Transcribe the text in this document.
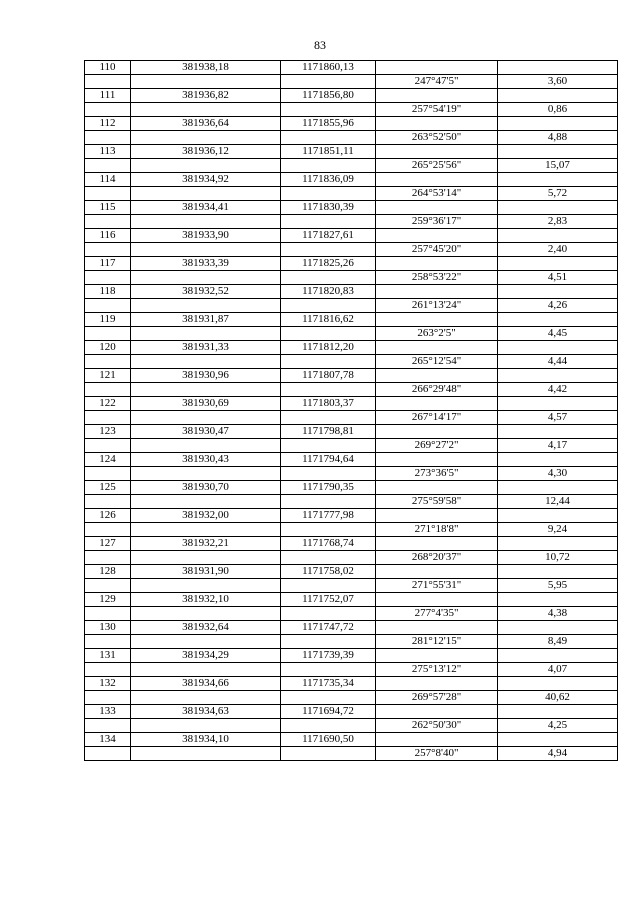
83
110	381938,18	1171860,13		
			247°47'5"	3,60
111	381936,82	1171856,80		
			257°54'19"	0,86
112	381936,64	1171855,96		
			263°52'50"	4,88
113	381936,12	1171851,11		
			265°25'56"	15,07
114	381934,92	1171836,09		
			264°53'14"	5,72
115	381934,41	1171830,39		
			259°36'17"	2,83
116	381933,90	1171827,61		
			257°45'20"	2,40
117	381933,39	1171825,26		
			258°53'22"	4,51
118	381932,52	1171820,83		
			261°13'24"	4,26
119	381931,87	1171816,62		
			263°2'5"	4,45
120	381931,33	1171812,20		
			265°12'54"	4,44
121	381930,96	1171807,78		
			266°29'48"	4,42
122	381930,69	1171803,37		
			267°14'17"	4,57
123	381930,47	1171798,81		
			269°27'2"	4,17
124	381930,43	1171794,64		
			273°36'5"	4,30
125	381930,70	1171790,35		
			275°59'58"	12,44
126	381932,00	1171777,98		
			271°18'8"	9,24
127	381932,21	1171768,74		
			268°20'37"	10,72
128	381931,90	1171758,02		
			271°55'31"	5,95
129	381932,10	1171752,07		
			277°4'35"	4,38
130	381932,64	1171747,72		
			281°12'15"	8,49
131	381934,29	1171739,39		
			275°13'12"	4,07
132	381934,66	1171735,34		
			269°57'28"	40,62
133	381934,63	1171694,72		
			262°50'30"	4,25
134	381934,10	1171690,50		
			257°8'40"	4,94
